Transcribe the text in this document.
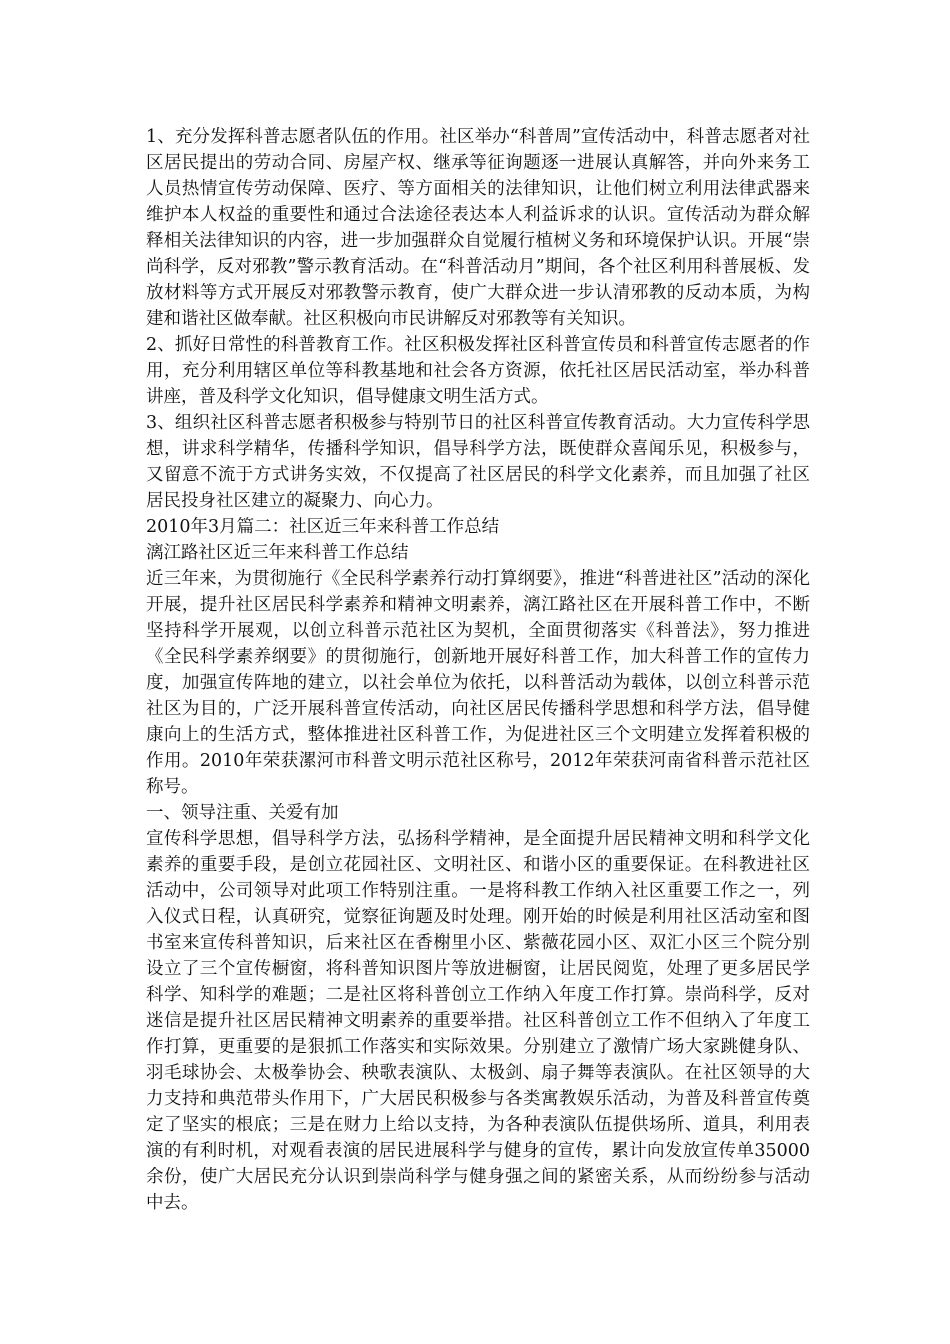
1、充分发挥科普志愿者队伍的作用。社区举办“科普周”宣传活动中，科普志愿者对社区居民提出的劳动合同、房屋产权、继承等征询题逐一进展认真解答，并向外来务工人员热情宣传劳动保障、医疗、等方面相关的法律知识，让他们树立利用法律武器来维护本人权益的重要性和通过合法途径表达本人利益诉求的认识。宣传活动为群众解释相关法律知识的内容，进一步加强群众自觉履行植树义务和环境保护认识。开展“崇尚科学，反对邪教”警示教育活动。在“科普活动月”期间，各个社区利用科普展板、发放材料等方式开展反对邪教警示教育，使广大群众进一步认清邪教的反动本质，为构建和谐社区做奉献。社区积极向市民讲解反对邪教等有关知识。

2、抓好日常性的科普教育工作。社区积极发挥社区科普宣传员和科普宣传志愿者的作用，充分利用辖区单位等科教基地和社会各方资源，依托社区居民活动室，举办科普讲座，普及科学文化知识，倡导健康文明生活方式。

3、组织社区科普志愿者积极参与特别节日的社区科普宣传教育活动。大力宣传科学思想，讲求科学精华，传播科学知识，倡导科学方法，既使群众喜闻乐见，积极参与，又留意不流于方式讲务实效，不仅提高了社区居民的科学文化素养，而且加强了社区居民投身社区建立的凝聚力、向心力。

2010年3月篇二：社区近三年来科普工作总结

漓江路社区近三年来科普工作总结

近三年来，为贯彻施行《全民科学素养行动打算纲要》，推进“科普进社区”活动的深化开展，提升社区居民科学素养和精神文明素养，漓江路社区在开展科普工作中，不断坚持科学开展观，以创立科普示范社区为契机，全面贯彻落实《科普法》，努力推进《全民科学素养纲要》的贯彻施行，创新地开展好科普工作，加大科普工作的宣传力度，加强宣传阵地的建立，以社会单位为依托，以科普活动为载体，以创立科普示范社区为目的，广泛开展科普宣传活动，向社区居民传播科学思想和科学方法，倡导健康向上的生活方式，整体推进社区科普工作，为促进社区三个文明建立发挥着积极的作用。2010年荣获漯河市科普文明示范社区称号，2012年荣获河南省科普示范社区称号。

一、领导注重、关爱有加

宣传科学思想，倡导科学方法，弘扬科学精神，是全面提升居民精神文明和科学文化素养的重要手段，是创立花园社区、文明社区、和谐小区的重要保证。在科教进社区活动中，公司领导对此项工作特别注重。一是将科教工作纳入社区重要工作之一，列入仪式日程，认真研究，觉察征询题及时处理。刚开始的时候是利用社区活动室和图书室来宣传科普知识，后来社区在香榭里小区、紫薇花园小区、双汇小区三个院分别设立了三个宣传橱窗，将科普知识图片等放进橱窗，让居民阅览，处理了更多居民学科学、知科学的难题；二是社区将科普创立工作纳入年度工作打算。崇尚科学，反对迷信是提升社区居民精神文明素养的重要举措。社区科普创立工作不但纳入了年度工作打算，更重要的是狠抓工作落实和实际效果。分别建立了激情广场大家跳健身队、羽毛球协会、太极拳协会、秧歌表演队、太极剑、扇子舞等表演队。在社区领导的大力支持和典范带头作用下，广大居民积极参与各类寓教娱乐活动，为普及科普宣传奠定了坚实的根底；三是在财力上给以支持，为各种表演队伍提供场所、道具，利用表演的有利时机，对观看表演的居民进展科学与健身的宣传，累计向发放宣传单35000余份，使广大居民充分认识到崇尚科学与健身强之间的紧密关系，从而纷纷参与活动中去。
